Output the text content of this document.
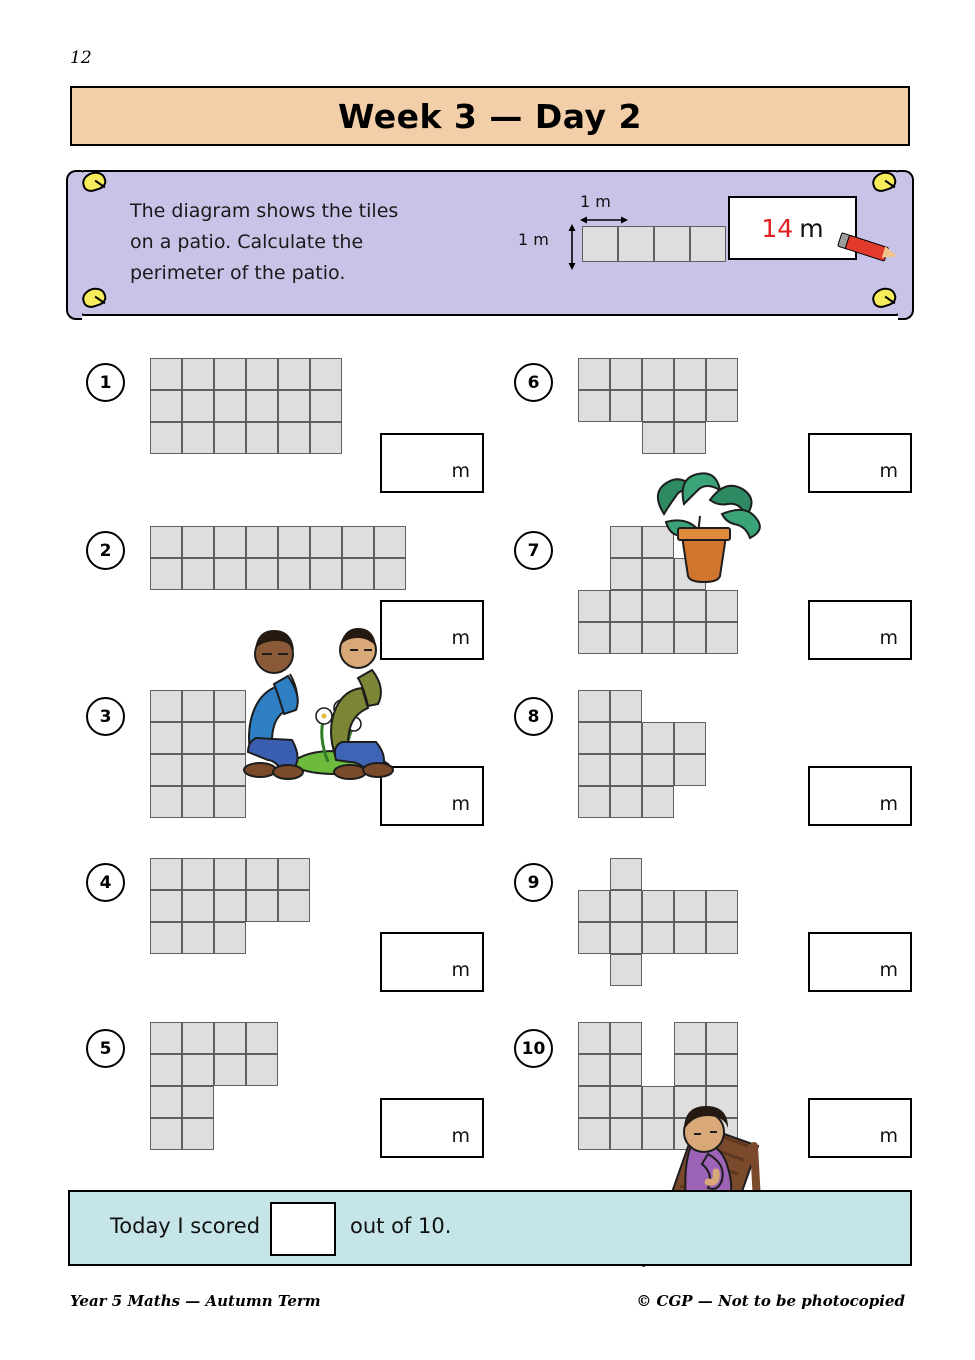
12
Week 3 — Day 2
The diagram shows the tiles
on a patio. Calculate the
perimeter of the patio.
1 m
1 m	14 m
1
m
2
m
3
m
4
m
5
m
6
m
7
m
8
m
9
m
10
m
Today I scored	out of 10.
Year 5 Maths — Autumn Term	© CGP — Not to be photocopied
